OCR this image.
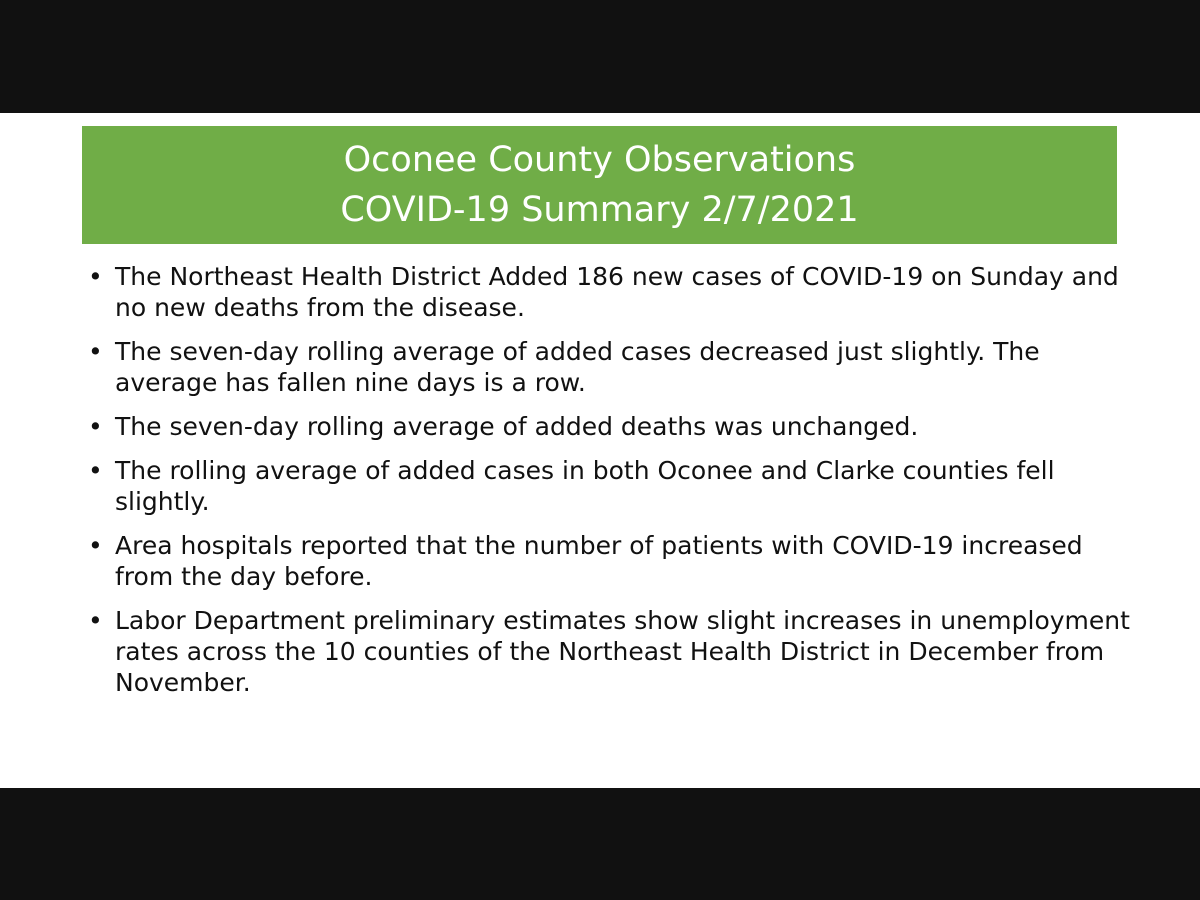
Oconee County Observations
COVID-19 Summary 2/7/2021
• The Northeast Health District Added 186 new cases of COVID-19 on Sunday and no new deaths from the disease.
• The seven-day rolling average of added cases decreased just slightly. The average has fallen nine days is a row.
• The seven-day rolling average of added deaths was unchanged.
• The rolling average of added cases in both Oconee and Clarke counties fell slightly.
• Area hospitals reported that the number of patients with COVID-19 increased from the day before.
• Labor Department preliminary estimates show slight increases in unemployment rates across the 10 counties of the Northeast Health District in December from November.
